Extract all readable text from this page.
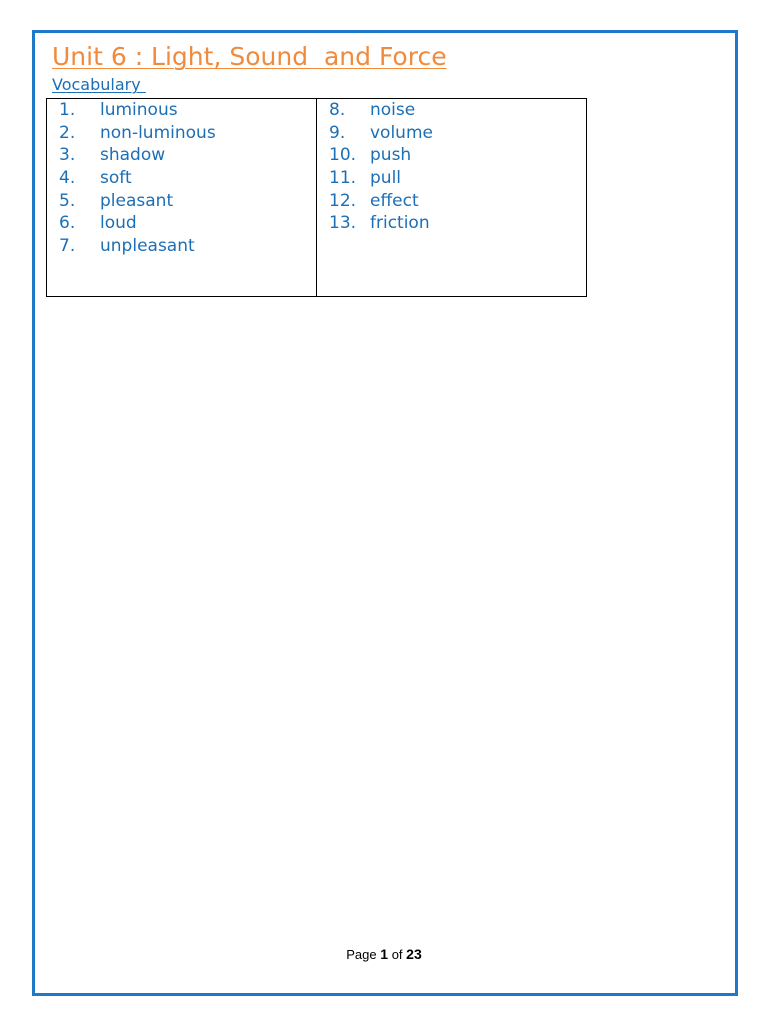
Unit 6 : Light, Sound  and Force
Vocabulary
1. luminous
2. non-luminous
3. shadow
4. soft
5. pleasant
6. loud
7. unpleasant

8. noise
9. volume
10. push
11. pull
12. effect
13. friction
Page 1 of 23
